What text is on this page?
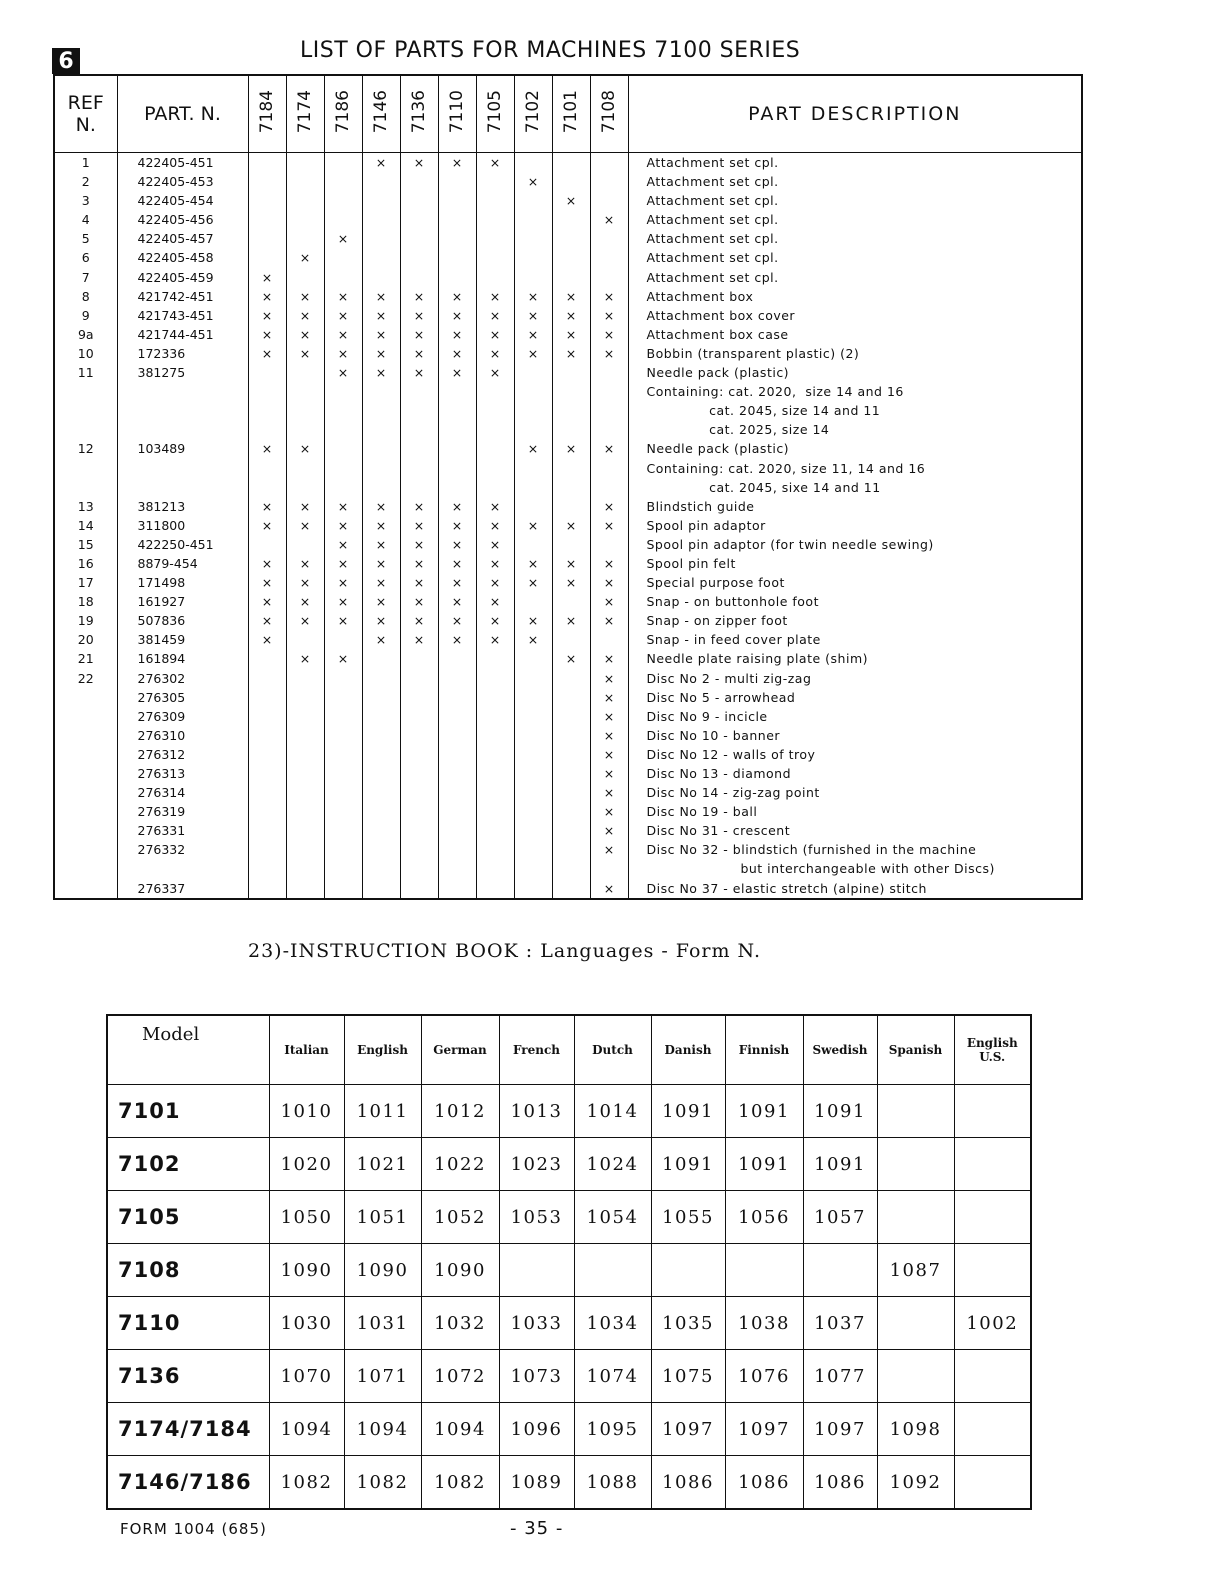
6	LIST OF PARTS FOR MACHINES 7100 SERIES
REF N.	PART. N.	7184	7174	7186	7146	7136	7110	7105	7102	7101	7108	PART DESCRIPTION
1	422405-451				×	×	×	×				Attachment set cpl.
2	422405-453								×			Attachment set cpl.
3	422405-454									×		Attachment set cpl.
4	422405-456										×	Attachment set cpl.
5	422405-457			×								Attachment set cpl.
6	422405-458		×									Attachment set cpl.
7	422405-459	×										Attachment set cpl.
8	421742-451	×	×	×	×	×	×	×	×	×	×	Attachment box
9	421743-451	×	×	×	×	×	×	×	×	×	×	Attachment box cover
9a	421744-451	×	×	×	×	×	×	×	×	×	×	Attachment box case
10	172336	×	×	×	×	×	×	×	×	×	×	Bobbin (transparent plastic) (2)
11	381275			×	×	×	×	×				Needle pack (plastic)
												Containing: cat. 2020,  size 14 and 16
												cat. 2045, size 14 and 11
												cat. 2025, size 14
12	103489	×	×						×	×	×	Needle pack (plastic)
												Containing: cat. 2020, size 11, 14 and 16
												cat. 2045, sixe 14 and 11
13	381213	×	×	×	×	×	×	×			×	Blindstich guide
14	311800	×	×	×	×	×	×	×	×	×	×	Spool pin adaptor
15	422250-451			×	×	×	×	×				Spool pin adaptor (for twin needle sewing)
16	8879-454	×	×	×	×	×	×	×	×	×	×	Spool pin felt
17	171498	×	×	×	×	×	×	×	×	×	×	Special purpose foot
18	161927	×	×	×	×	×	×	×			×	Snap - on buttonhole foot
19	507836	×	×	×	×	×	×	×	×	×	×	Snap - on zipper foot
20	381459	×			×	×	×	×	×			Snap - in feed cover plate
21	161894		×	×						×	×	Needle plate raising plate (shim)
22	276302										×	Disc No 2 - multi zig-zag
	276305										×	Disc No 5 - arrowhead
	276309										×	Disc No 9 - incicle
	276310										×	Disc No 10 - banner
	276312										×	Disc No 12 - walls of troy
	276313										×	Disc No 13 - diamond
	276314										×	Disc No 14 - zig-zag point
	276319										×	Disc No 19 - ball
	276331										×	Disc No 31 - crescent
	276332										×	Disc No 32 - blindstich (furnished in the machine
												but interchangeable with other Discs)
	276337										×	Disc No 37 - elastic stretch (alpine) stitch
23)-INSTRUCTION BOOK : Languages - Form N.
Model	Italian	English	German	French	Dutch	Danish	Finnish	Swedish	Spanish	English U.S.
7101	1010	1011	1012	1013	1014	1091	1091	1091		
7102	1020	1021	1022	1023	1024	1091	1091	1091		
7105	1050	1051	1052	1053	1054	1055	1056	1057		
7108	1090	1090	1090						1087	
7110	1030	1031	1032	1033	1034	1035	1038	1037		1002
7136	1070	1071	1072	1073	1074	1075	1076	1077		
7174/7184	1094	1094	1094	1096	1095	1097	1097	1097	1098	
7146/7186	1082	1082	1082	1089	1088	1086	1086	1086	1092	
FORM 1004 (685)	- 35 -
